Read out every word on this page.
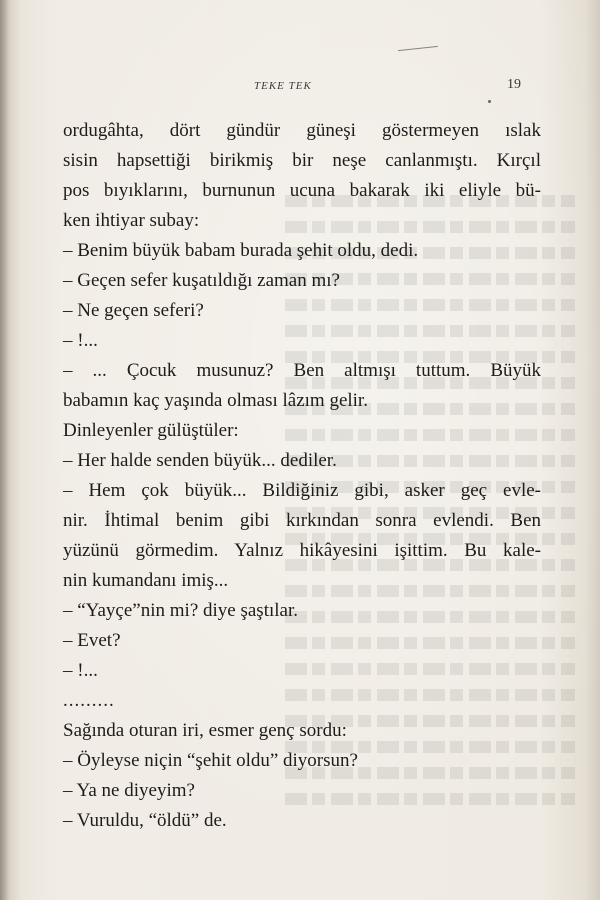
TEKE TEK	19
ordugâhta, dört gündür güneşi göstermeyen ıslak
sisin hapsettiği birikmiş bir neşe canlanmıştı. Kırçıl
pos bıyıklarını, burnunun ucuna bakarak iki eliyle bü-
ken ihtiyar subay:
– Benim büyük babam burada şehit oldu, dedi.
– Geçen sefer kuşatıldığı zaman mı?
– Ne geçen seferi?
– !...
– ... Çocuk musunuz? Ben altmışı tuttum. Büyük
babamın kaç yaşında olması lâzım gelir.
Dinleyenler gülüştüler:
– Her halde senden büyük... dediler.
– Hem çok büyük... Bildiğiniz gibi, asker geç evle-
nir. İhtimal benim gibi kırkından sonra evlendi. Ben
yüzünü görmedim. Yalnız hikâyesini işittim. Bu kale-
nin kumandanı imiş...
– “Yayçe”nin mi? diye şaştılar.
– Evet?
– !...
.........
Sağında oturan iri, esmer genç sordu:
– Öyleyse niçin “şehit oldu” diyorsun?
– Ya ne diyeyim?
– Vuruldu, “öldü” de.
